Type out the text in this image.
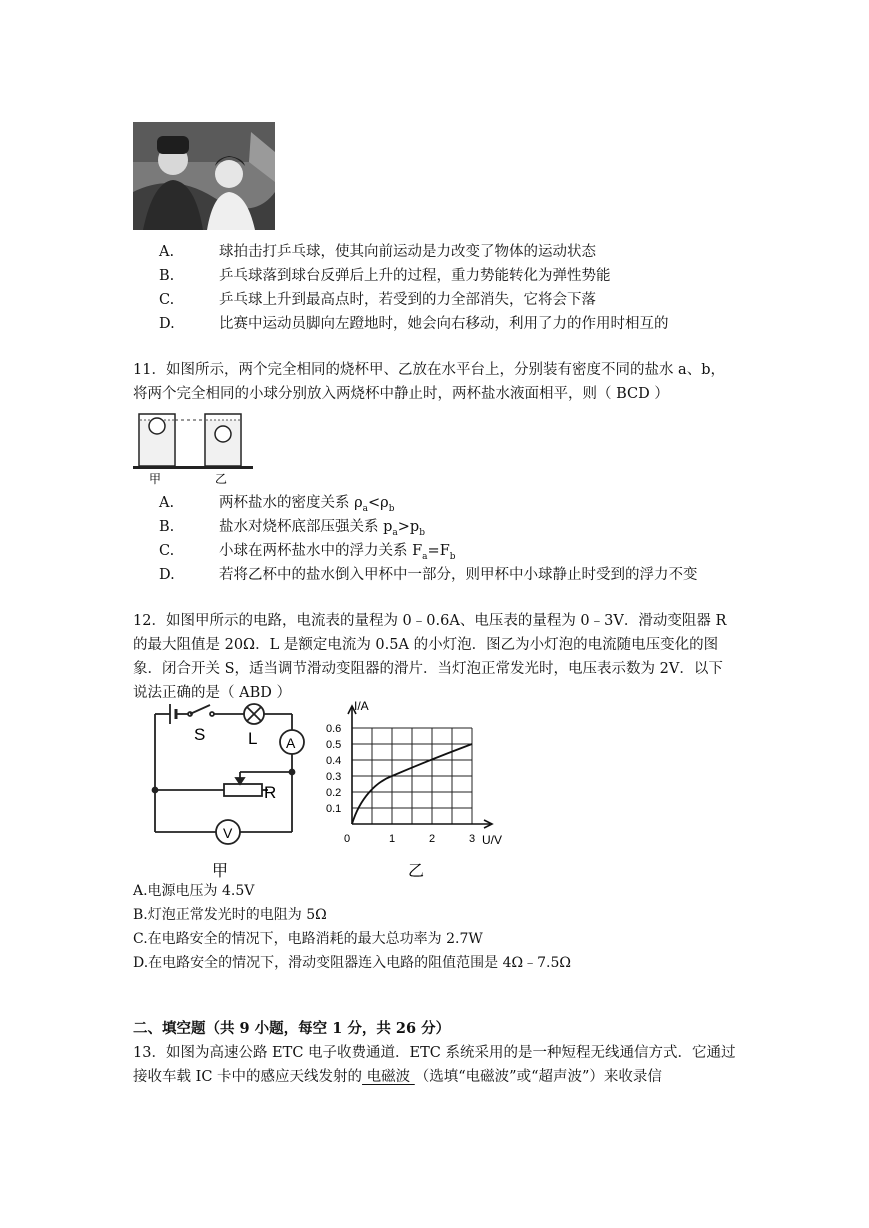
A.	球拍击打乒乓球，使其向前运动是力改变了物体的运动状态
B.	乒乓球落到球台反弹后上升的过程，重力势能转化为弹性势能
C.	乒乓球上升到最高点时，若受到的力全部消失，它将会下落
D.	比赛中运动员脚向左蹬地时，她会向右移动，利用了力的作用时相互的
11．如图所示，两个完全相同的烧杯甲、乙放在水平台上，分别装有密度不同的盐水 a、b，
将两个完全相同的小球分别放入两烧杯中静止时，两杯盐水液面相平，则（ BCD ）
甲	乙
A.	两杯盐水的密度关系 $\rho_a<\rho_b$
B.	盐水对烧杯底部压强关系 $p_a>p_b$
C.	小球在两杯盐水中的浮力关系 $F_a=F_b$
D.	若将乙杯中的盐水倒入甲杯中一部分，则甲杯中小球静止时受到的浮力不变
12．如图甲所示的电路，电流表的量程为 0﹣0.6A、电压表的量程为 0﹣3V．滑动变阻器 R
的最大阻值是 20Ω．L 是额定电流为 0.5A 的小灯泡．图乙为小灯泡的电流随电压变化的图
象．闭合开关 S，适当调节滑动变阻器的滑片．当灯泡正常发光时，电压表示数为 2V．以下
说法正确的是（ ABD ）
S	L A
R
V
甲
I/A
U/V
0.6
0.5
0.4
0.3
0.2
0.1
0	1	2	3
乙
A.电源电压为 4.5V
B.灯泡正常发光时的电阻为 5Ω
C.在电路安全的情况下，电路消耗的最大总功率为 2.7W
D.在电路安全的情况下，滑动变阻器连入电路的阻值范围是 4Ω﹣7.5Ω
二、填空题（共 9 小题，每空 1 分，共 26 分）
13．如图为高速公路 ETC 电子收费通道．ETC 系统采用的是一种短程无线通信方式．它通过
接收车载 IC 卡中的感应天线发射的 电磁波 （选填“电磁波”或“超声波”）来收录信
